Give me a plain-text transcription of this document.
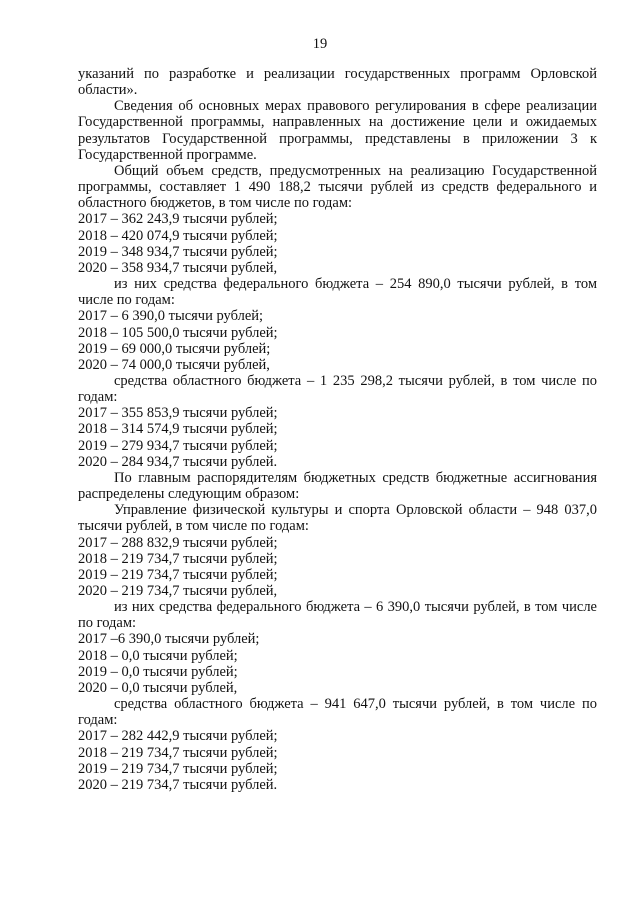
19

указаний по разработке и реализации государственных программ Орловской области».

Сведения об основных мерах правового регулирования в сфере реализации Государственной программы, направленных на достижение цели и ожидаемых результатов Государственной программы, представлены в приложении 3 к Государственной программе.

Общий объем средств, предусмотренных на реализацию Государственной программы, составляет 1 490 188,2 тысячи рублей из средств федерального и областного бюджетов, в том числе по годам:

2017 – 362 243,9 тысячи рублей;

2018 – 420 074,9 тысячи рублей;

2019 – 348 934,7 тысячи рублей;

2020 – 358 934,7 тысячи рублей,

из них средства федерального бюджета – 254 890,0 тысячи рублей, в том числе по годам:

2017 – 6 390,0 тысячи рублей;

2018 – 105 500,0 тысячи рублей;

2019 – 69 000,0 тысячи рублей;

2020 – 74 000,0 тысячи рублей,

средства областного бюджета – 1 235 298,2 тысячи рублей, в том числе по годам:

2017 – 355 853,9 тысячи рублей;

2018 – 314 574,9 тысячи рублей;

2019 – 279 934,7 тысячи рублей;

2020 – 284 934,7 тысячи рублей.

По главным распорядителям бюджетных средств бюджетные ассигнования распределены следующим образом:

Управление физической культуры и спорта Орловской области – 948 037,0 тысячи рублей, в том числе по годам:

2017 – 288 832,9 тысячи рублей;

2018 – 219 734,7 тысячи рублей;

2019 – 219 734,7 тысячи рублей;

2020 – 219 734,7 тысячи рублей,

из них средства федерального бюджета – 6 390,0 тысячи рублей, в том числе по годам:

2017 –6 390,0 тысячи рублей;

2018 – 0,0 тысячи рублей;

2019 – 0,0 тысячи рублей;

2020 – 0,0 тысячи рублей,

средства областного бюджета – 941 647,0 тысячи рублей, в том числе по годам:

2017 – 282 442,9 тысячи рублей;

2018 – 219 734,7 тысячи рублей;

2019 – 219 734,7 тысячи рублей;

2020 – 219 734,7 тысячи рублей.
